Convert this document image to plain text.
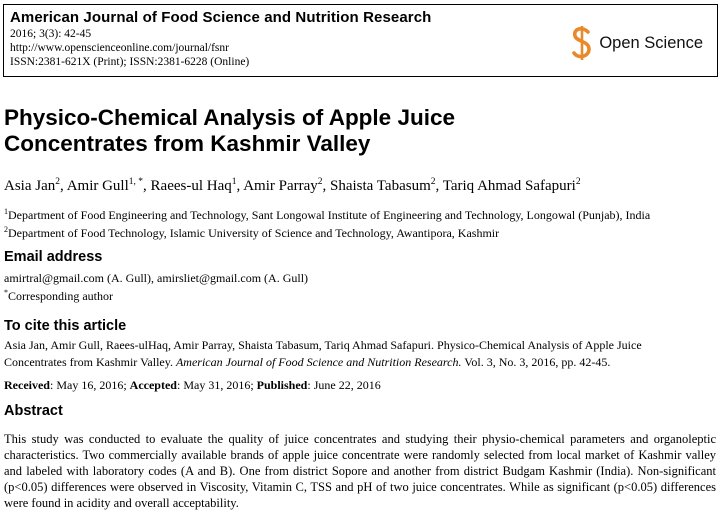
American Journal of Food Science and Nutrition Research
2016; 3(3): 42-45
http://www.openscienceonline.com/journal/fsnr
ISSN:2381-621X (Print); ISSN:2381-6228 (Online)
Open Science
Physico-Chemical Analysis of Apple Juice
Concentrates from Kashmir Valley
Asia Jan$^2$, Amir Gull$^{1, *}$, Raees-ul Haq$^1$, Amir Parray$^2$, Shaista Tabasum$^2$, Tariq Ahmad Safapuri$^2$
$^1$Department of Food Engineering and Technology, Sant Longowal Institute of Engineering and Technology, Longowal (Punjab), India
$^2$Department of Food Technology, Islamic University of Science and Technology, Awantipora, Kashmir
Email address
amirtral@gmail.com (A. Gull), amirsliet@gmail.com (A. Gull)
*Corresponding author
To cite this article
Asia Jan, Amir Gull, Raees-ulHaq, Amir Parray, Shaista Tabasum, Tariq Ahmad Safapuri. Physico-Chemical Analysis of Apple Juice Concentrates from Kashmir Valley. American Journal of Food Science and Nutrition Research. Vol. 3, No. 3, 2016, pp. 42-45.
Received: May 16, 2016; Accepted: May 31, 2016; Published: June 22, 2016
Abstract
This study was conducted to evaluate the quality of juice concentrates and studying their physio-chemical parameters and organoleptic characteristics. Two commercially available brands of apple juice concentrate were randomly selected from local market of Kashmir valley and labeled with laboratory codes (A and B). One from district Sopore and another from district Budgam Kashmir (India). Non-significant (p<0.05) differences were observed in Viscosity, Vitamin C, TSS and pH of two juice concentrates. While as significant (p<0.05) differences were found in acidity and overall acceptability.
